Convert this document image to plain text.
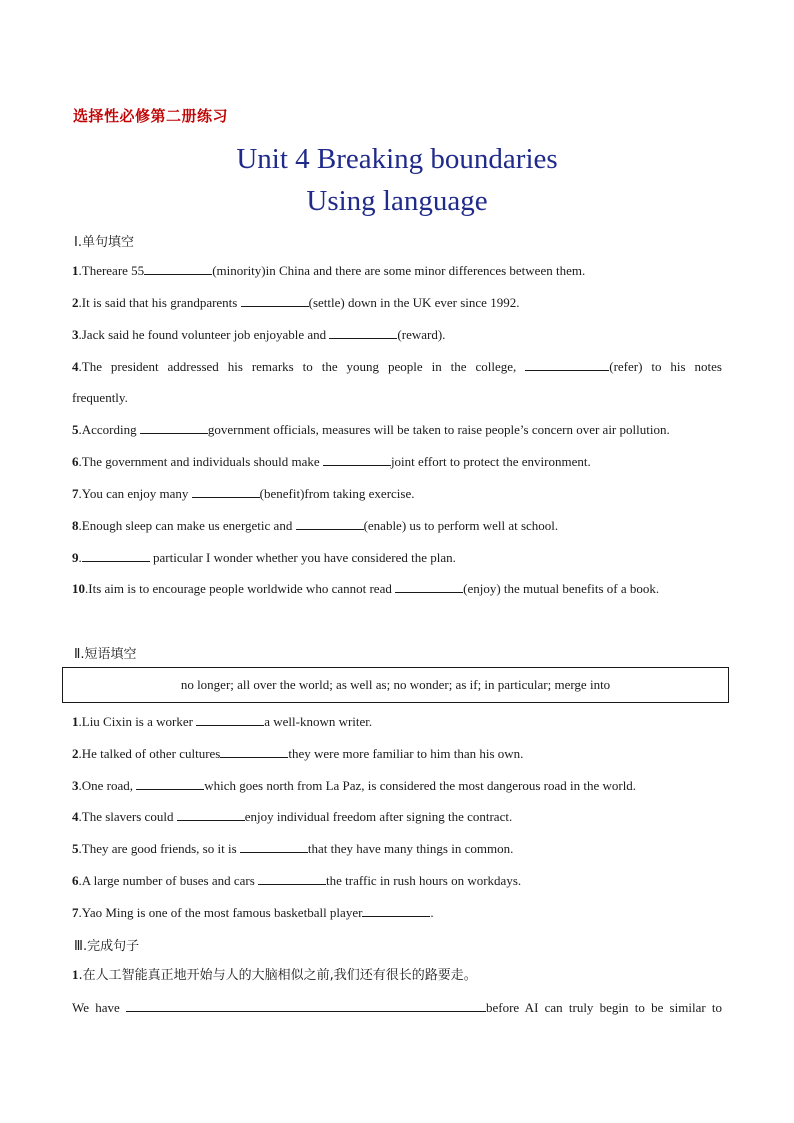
选择性必修第二册练习
Unit 4 Breaking boundaries
Using language
Ⅰ.单句填空
1.Thereare 55	(minority)in China and there are some minor differences between them.
2.It is said that his grandparents	(settle) down in the UK ever since 1992.
3.Jack said he found volunteer job enjoyable and	(reward).
4.The president addressed his remarks to the young people in the college,	(refer) to his notes
frequently.
5.According	government officials, measures will be taken to raise people’s concern over air pollution.
6.The government and individuals should make	joint effort to protect the environment.
7.You can enjoy many	(benefit)from taking exercise.
8.Enough sleep can make us energetic and	(enable) us to perform well at school.
9.	particular I wonder whether you have considered the plan.
10.Its aim is to encourage people worldwide who cannot read	(enjoy) the mutual benefits of a book.
Ⅱ.短语填空
no longer; all over the world; as well as; no wonder; as if; in particular; merge into
1.Liu Cixin is a worker	a well-known writer.
2.He talked of other cultures	they were more familiar to him than his own.
3.One road,	which goes north from La Paz, is considered the most dangerous road in the world.
4.The slavers could	enjoy individual freedom after signing the contract.
5.They are good friends, so it is	that they have many things in common.
6.A large number of buses and cars	the traffic in rush hours on workdays.
7.Yao Ming is one of the most famous basketball player	.
Ⅲ.完成句子
1.在人工智能真正地开始与人的大脑相似之前,我们还有很长的路要走。
We have	before AI can truly begin to be similar to
